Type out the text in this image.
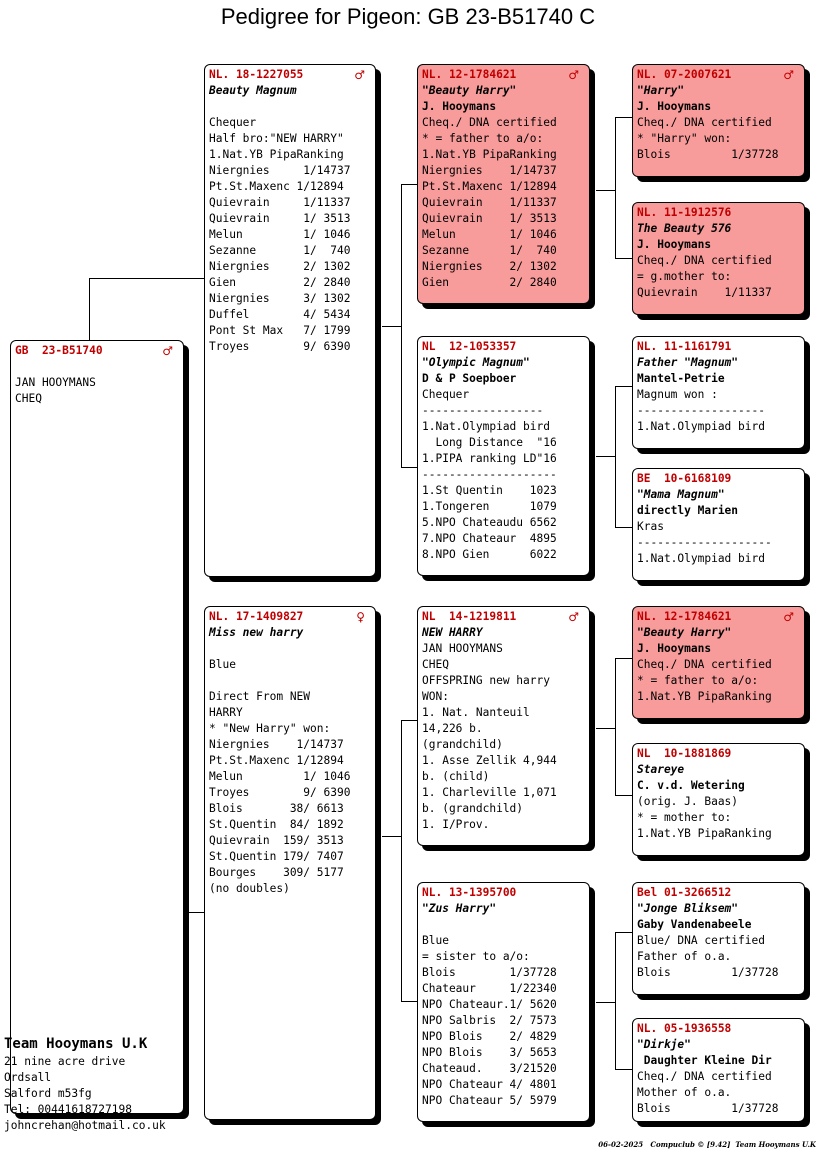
Pedigree for Pigeon: GB 23-B51740 C
GB  23-B51740	♂
JAN HOOYMANS
CHEQ
NL. 18-1227055	♂
Beauty Magnum
Chequer
Half bro:"NEW HARRY"
1.Nat.YB PipaRanking
Niergnies     1/14737
Pt.St.Maxenc 1/12894
Quievrain     1/11337
Quievrain     1/ 3513
Melun         1/ 1046
Sezanne       1/  740
Niergnies     2/ 1302
Gien          2/ 2840
Niergnies     3/ 1302
Duffel        4/ 5434
Pont St Max   7/ 1799
Troyes        9/ 6390
NL. 17-1409827	♀
Miss new harry
Blue
Direct From NEW
HARRY
* "New Harry" won:
Niergnies    1/14737
Pt.St.Maxenc 1/12894
Melun         1/ 1046
Troyes        9/ 6390
Blois       38/ 6613
St.Quentin  84/ 1892
Quievrain  159/ 3513
St.Quentin 179/ 7407
Bourges    309/ 5177
(no doubles)
NL. 12-1784621	♂
"Beauty Harry"
J. Hooymans
Cheq./ DNA certified
* = father to a/o:
1.Nat.YB PipaRanking
Niergnies    1/14737
Pt.St.Maxenc 1/12894
Quievrain    1/11337
Quievrain    1/ 3513
Melun        1/ 1046
Sezanne      1/  740
Niergnies    2/ 1302
Gien         2/ 2840
NL  12-1053357
"Olympic Magnum"
D & P Soepboer
Chequer
------------------
1.Nat.Olympiad bird
Long Distance  "16
1.PIPA ranking LD"16
--------------------
1.St Quentin    1023
1.Tongeren      1079
5.NPO Chateaudu 6562
7.NPO Chateaur  4895
8.NPO Gien      6022
NL  14-1219811	♂
NEW HARRY
JAN HOOYMANS
CHEQ
OFFSPRING new harry
WON:
1. Nat. Nanteuil
14,226 b.
(grandchild)
1. Asse Zellik 4,944
b. (child)
1. Charleville 1,071
b. (grandchild)
1. I/Prov.
NL. 13-1395700
"Zus Harry"
Blue
= sister to a/o:
Blois        1/37728
Chateaur     1/22340
NPO Chateaur.1/ 5620
NPO Salbris  2/ 7573
NPO Blois    2/ 4829
NPO Blois    3/ 5653
Chateaud.    3/21520
NPO Chateaur 4/ 4801
NPO Chateaur 5/ 5979
NL. 07-2007621	♂
"Harry"
J. Hooymans
Cheq./ DNA certified
* "Harry" won:
Blois         1/37728
NL. 11-1912576
The Beauty 576
J. Hooymans
Cheq./ DNA certified
= g.mother to:
Quievrain    1/11337
NL. 11-1161791
Father "Magnum"
Mantel-Petrie
Magnum won :
-------------------
1.Nat.Olympiad bird
BE  10-6168109
"Mama Magnum"
directly Marien
Kras
--------------------
1.Nat.Olympiad bird
NL. 12-1784621	♂
"Beauty Harry"
J. Hooymans
Cheq./ DNA certified
* = father to a/o:
1.Nat.YB PipaRanking
NL  10-1881869
Stareye
C. v.d. Wetering
(orig. J. Baas)
* = mother to:
1.Nat.YB PipaRanking
Bel 01-3266512
"Jonge Bliksem"
Gaby Vandenabeele
Blue/ DNA certified
Father of o.a.
Blois         1/37728
NL. 05-1936558
"Dirkje"
Daughter Kleine Dir
Cheq./ DNA certified
Mother of o.a.
Blois         1/37728
Team Hooymans U.K
21 nine acre drive
Ordsall
Salford m53fg
Tel: 00441618727198
johncrehan@hotmail.co.uk
06-02-2025   Compuclub © [9.42]  Team Hooymans U.K
